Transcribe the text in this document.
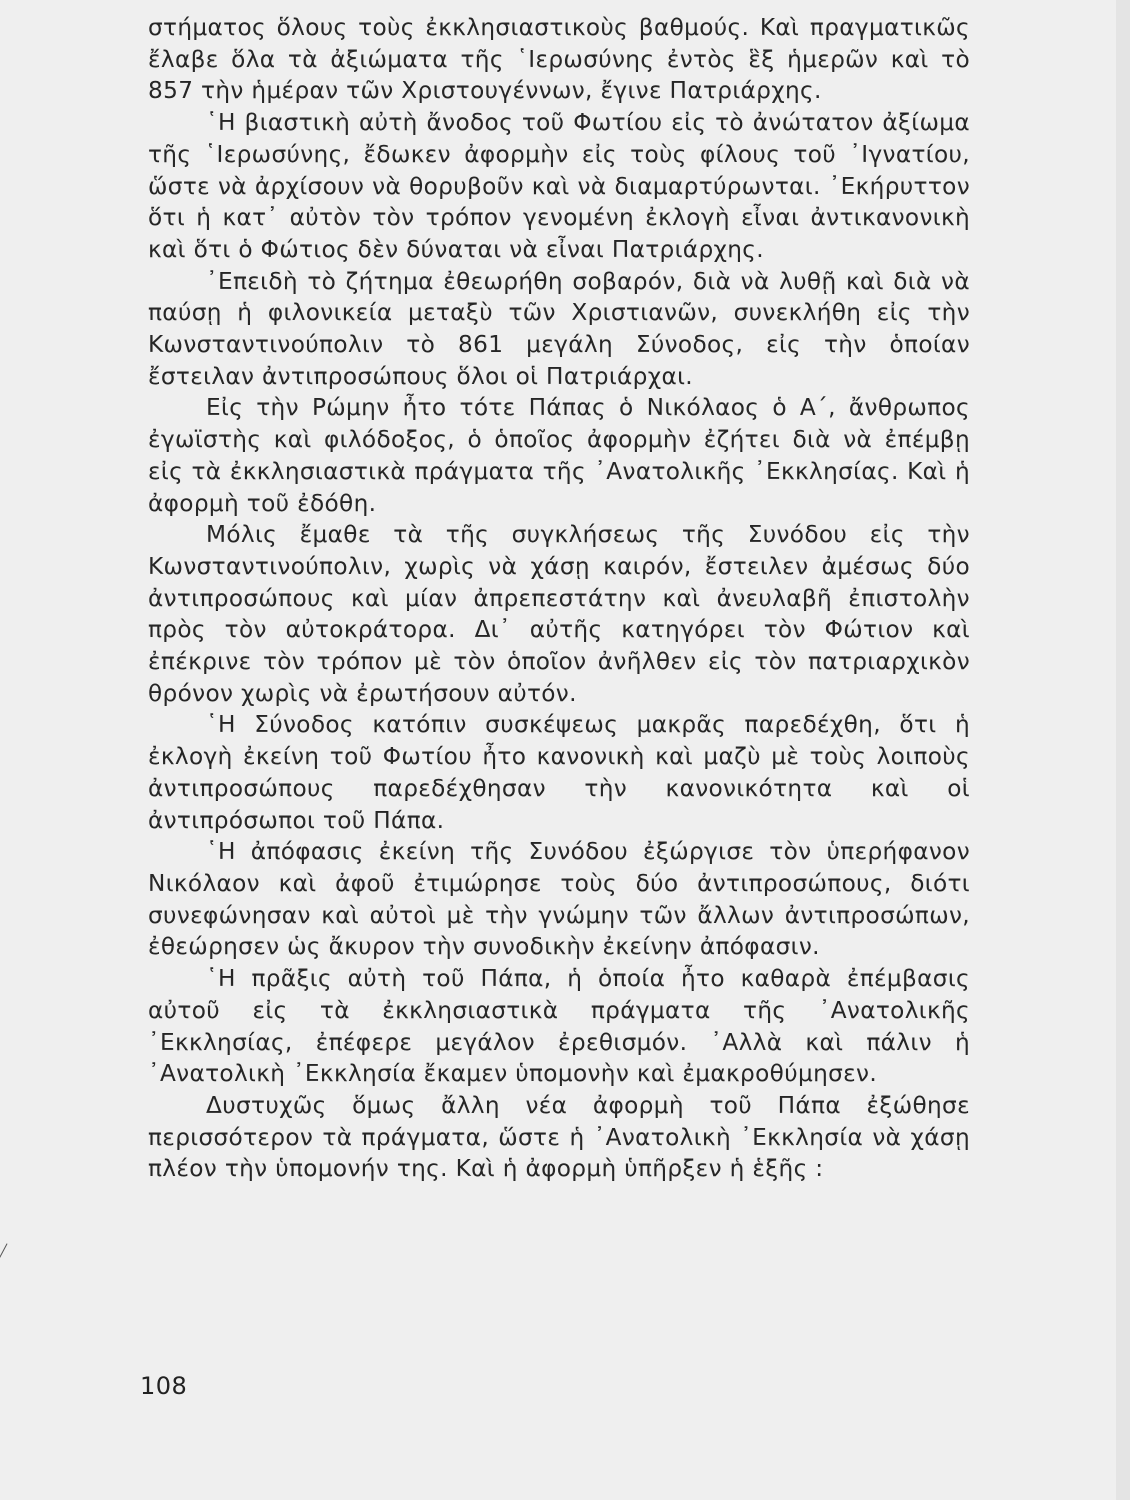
στήματος ὅλους τοὺς ἐκκλησιαστικοὺς βαθμούς. Καὶ πραγματικῶς ἔλαβε ὅλα τὰ ἀξιώματα τῆς ῾Ιερωσύνης ἐντὸς ἓξ ἡμερῶν καὶ τὸ 857 τὴν ἡμέραν τῶν Χριστουγέννων, ἔγινε Πατριάρχης.

῾Η βιαστικὴ αὐτὴ ἄνοδος τοῦ Φωτίου εἰς τὸ ἀνώτατον ἀξίωμα τῆς ῾Ιερωσύνης, ἔδωκεν ἀφορμὴν εἰς τοὺς φίλους τοῦ ᾿Ιγνατίου, ὥστε νὰ ἀρχίσουν νὰ θορυβοῦν καὶ νὰ διαμαρτύρωνται. ᾿Εκήρυττον ὅτι ἡ κατ᾿ αὐτὸν τὸν τρόπον γενομένη ἐκλογὴ εἶναι ἀντικανονικὴ καὶ ὅτι ὁ Φώτιος δὲν δύναται νὰ εἶναι Πατριάρχης.

᾿Επειδὴ τὸ ζήτημα ἐθεωρήθη σοβαρόν, διὰ νὰ λυθῇ καὶ διὰ νὰ παύσῃ ἡ φιλονικεία μεταξὺ τῶν Χριστιανῶν, συνεκλήθη εἰς τὴν Κωνσταντινούπολιν τὸ 861 μεγάλη Σύνοδος, εἰς τὴν ὁποίαν ἔστειλαν ἀντιπροσώπους ὅλοι οἱ Πατριάρχαι.

Εἰς τὴν Ρώμην ἦτο τότε Πάπας ὁ Νικόλαος ὁ Α΄, ἄνθρωπος ἐγωϊστὴς καὶ φιλόδοξος, ὁ ὁποῖος ἀφορμὴν ἐζήτει διὰ νὰ ἐπέμβῃ εἰς τὰ ἐκκλησιαστικὰ πράγματα τῆς ᾿Ανατολικῆς ᾿Εκκλησίας. Καὶ ἡ ἀφορμὴ τοῦ ἐδόθη.

Μόλις ἔμαθε τὰ τῆς συγκλήσεως τῆς Συνόδου εἰς τὴν Κωνσταντινούπολιν, χωρὶς νὰ χάσῃ καιρόν, ἔστειλεν ἀμέσως δύο ἀντιπροσώπους καὶ μίαν ἀπρεπεστάτην καὶ ἀνευλαβῆ ἐπιστολὴν πρὸς τὸν αὐτοκράτορα. Δι᾿ αὐτῆς κατηγόρει τὸν Φώτιον καὶ ἐπέκρινε τὸν τρόπον μὲ τὸν ὁποῖον ἀνῆλθεν εἰς τὸν πατριαρχικὸν θρόνον χωρὶς νὰ ἐρωτήσουν αὐτόν.

῾Η Σύνοδος κατόπιν συσκέψεως μακρᾶς παρεδέχθη, ὅτι ἡ ἐκλογὴ ἐκείνη τοῦ Φωτίου ἦτο κανονικὴ καὶ μαζὺ μὲ τοὺς λοιποὺς ἀντιπροσώπους παρεδέχθησαν τὴν κανονικότητα καὶ οἱ ἀντιπρόσωποι τοῦ Πάπα.

῾Η ἀπόφασις ἐκείνη τῆς Συνόδου ἐξώργισε τὸν ὑπερήφανον Νικόλαον καὶ ἀφοῦ ἐτιμώρησε τοὺς δύο ἀντιπροσώπους, διότι συνεφώνησαν καὶ αὐτοὶ μὲ τὴν γνώμην τῶν ἄλλων ἀντιπροσώπων, ἐθεώρησεν ὡς ἄκυρον τὴν συνοδικὴν ἐκείνην ἀπόφασιν.

῾Η πρᾶξις αὐτὴ τοῦ Πάπα, ἡ ὁποία ἦτο καθαρὰ ἐπέμβασις αὐτοῦ εἰς τὰ ἐκκλησιαστικὰ πράγματα τῆς ᾿Ανατολικῆς ᾿Εκκλησίας, ἐπέφερε μεγάλον ἐρεθισμόν. ᾿Αλλὰ καὶ πάλιν ἡ ᾿Ανατολικὴ ᾿Εκκλησία ἔκαμεν ὑπομονὴν καὶ ἐμακροθύμησεν.

Δυστυχῶς ὅμως ἄλλη νέα ἀφορμὴ τοῦ Πάπα ἐξώθησε περισσότερον τὰ πράγματα, ὥστε ἡ ᾿Ανατολικὴ ᾿Εκκλησία νὰ χάσῃ πλέον τὴν ὑπομονήν της. Καὶ ἡ ἀφορμὴ ὑπῆρξεν ἡ ἑξῆς :

108
